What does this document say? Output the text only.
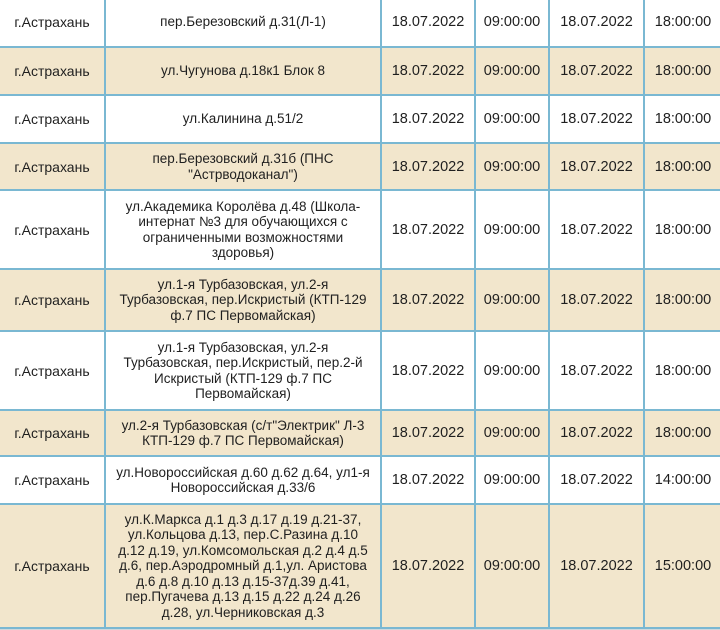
г.Астрахань	пер.Березовский д.31(Л-1)	18.07.2022	09:00:00	18.07.2022	18:00:00
г.Астрахань	ул.Чугунова д.18к1 Блок 8	18.07.2022	09:00:00	18.07.2022	18:00:00
г.Астрахань	ул.Калинина д.51/2	18.07.2022	09:00:00	18.07.2022	18:00:00
г.Астрахань	пер.Березовский д.31б (ПНС "Астрводоканал")	18.07.2022	09:00:00	18.07.2022	18:00:00
г.Астрахань	ул.Академика Королёва д.48 (Школа-интернат №3 для обучающихся с ограниченными возможностями здоровья)	18.07.2022	09:00:00	18.07.2022	18:00:00
г.Астрахань	ул.1-я Турбазовская, ул.2-я Турбазовская, пер.Искристый (КТП-129 ф.7 ПС Первомайская)	18.07.2022	09:00:00	18.07.2022	18:00:00
г.Астрахань	ул.1-я Турбазовская, ул.2-я Турбазовская, пер.Искристый, пер.2-й Искристый (КТП-129 ф.7 ПС Первомайская)	18.07.2022	09:00:00	18.07.2022	18:00:00
г.Астрахань	ул.2-я Турбазовская (с/т"Электрик" Л-3 КТП-129 ф.7 ПС Первомайская)	18.07.2022	09:00:00	18.07.2022	18:00:00
г.Астрахань	ул.Новороссийская д.60 д.62 д.64, ул1-я Новороссийская д.33/6	18.07.2022	09:00:00	18.07.2022	14:00:00
г.Астрахань	ул.К.Маркса д.1 д.3 д.17 д.19 д.21-37, ул.Кольцова д.13, пер.С.Разина д.10 д.12 д.19, ул.Комсомольская д.2 д.4 д.5 д.6, пер.Аэродромный д.1,ул. Аристова д.6 д.8 д.10 д.13 д.15-37д.39 д.41, пер.Пугачева д.13 д.15 д.22 д.24 д.26 д.28, ул.Черниковская д.3	18.07.2022	09:00:00	18.07.2022	15:00:00
